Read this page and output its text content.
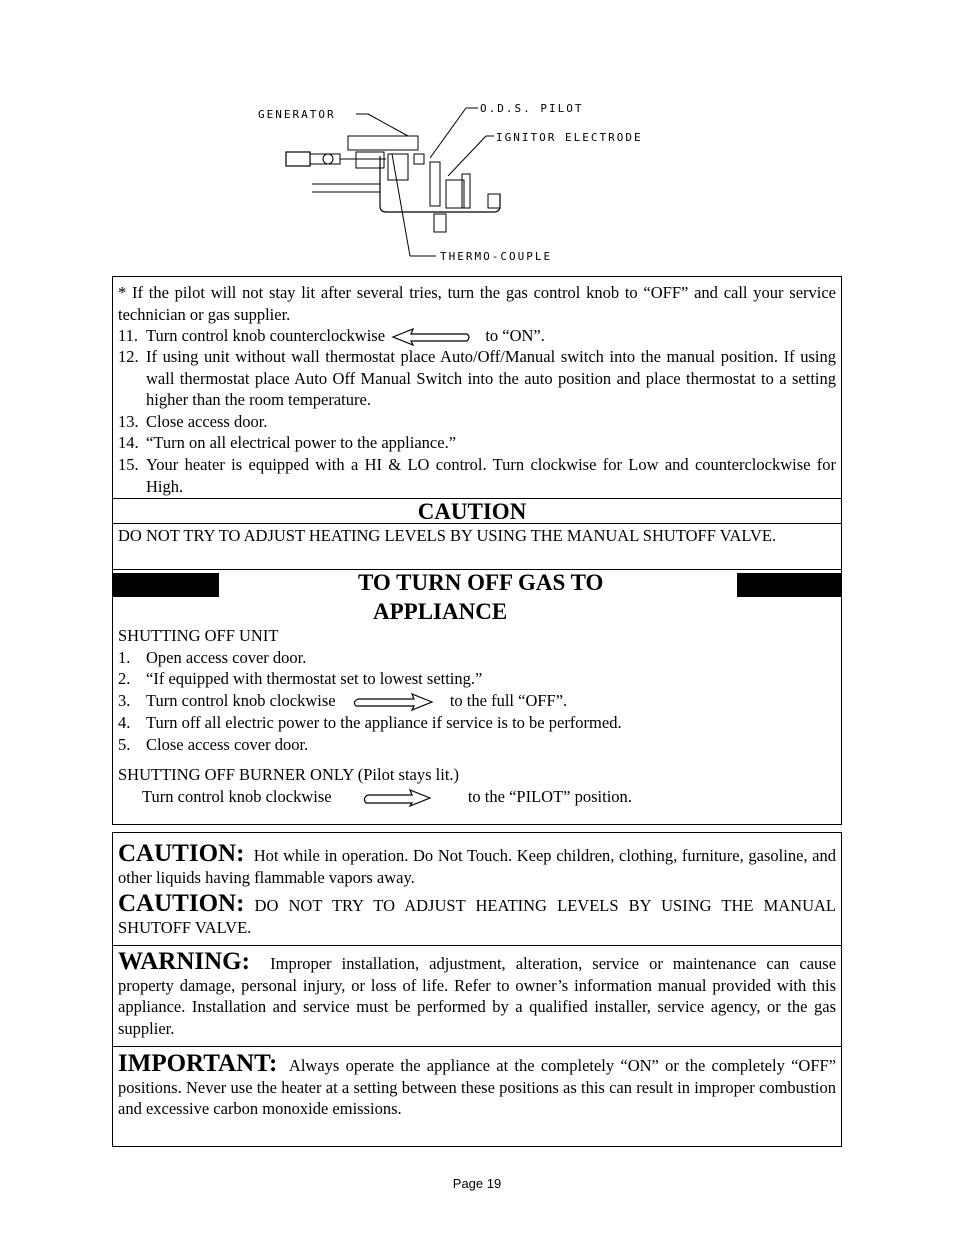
GENERATOR	O.D.S. PILOT
IGNITOR ELECTRODE
THERMO-COUPLE
* If the pilot will not stay lit after several tries, turn the gas control knob to “OFF” and call your service technician or gas supplier.
11. Turn control knob counterclockwise	to “ON”.
12. If using unit without wall thermostat place Auto/Off/Manual switch into the manual position. If using wall thermostat place Auto Off Manual Switch into the auto position and place thermostat to a setting higher than the room temperature.
13. Close access door.
14. “Turn on all electrical power to the appliance.”
15. Your heater is equipped with a HI & LO control. Turn clockwise for Low and counterclockwise for High.
CAUTION
DO NOT TRY TO ADJUST HEATING LEVELS BY USING THE MANUAL SHUTOFF VALVE.
TO TURN OFF GAS TO
APPLIANCE
SHUTTING OFF UNIT
1. Open access cover door.
2. “If equipped with thermostat set to lowest setting.”
3. Turn control knob clockwise	to the full “OFF”.
4. Turn off all electric power to the appliance if service is to be performed.
5. Close access cover door.
SHUTTING OFF BURNER ONLY (Pilot stays lit.)
Turn control knob clockwise	to the “PILOT” position.
CAUTION: Hot while in operation. Do Not Touch. Keep children, clothing, furniture, gasoline, and other liquids having flammable vapors away.
CAUTION: DO NOT TRY TO ADJUST HEATING LEVELS BY USING THE MANUAL SHUTOFF VALVE.
WARNING: Improper installation, adjustment, alteration, service or maintenance can cause property damage, personal injury, or loss of life. Refer to owner’s information manual provided with this appliance. Installation and service must be performed by a qualified installer, service agency, or the gas supplier.
IMPORTANT: Always operate the appliance at the completely “ON” or the completely “OFF” positions. Never use the heater at a setting between these positions as this can result in improper combustion and excessive carbon monoxide emissions.
Page 19
